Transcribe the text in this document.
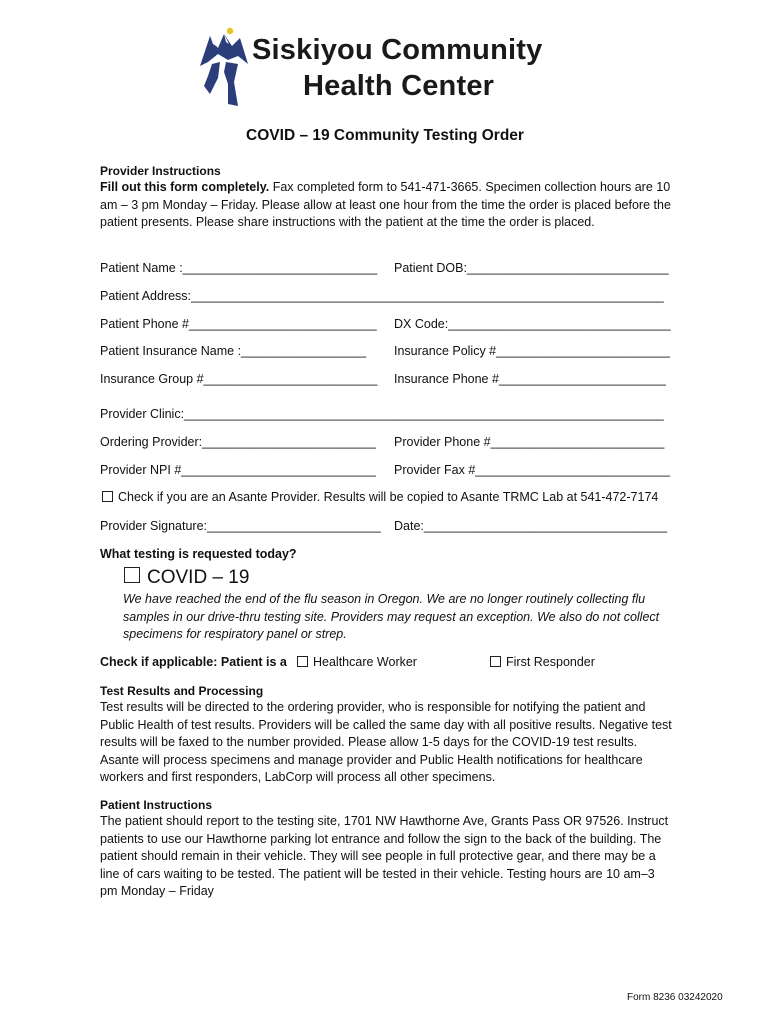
Siskiyou Community
Health Center
COVID – 19 Community Testing Order
Provider Instructions
Fill out this form completely. Fax completed form to 541-471-3665. Specimen collection hours are 10 am – 3 pm Monday – Friday. Please allow at least one hour from the time the order is placed before the patient presents. Please share instructions with the patient at the time the order is placed.
Patient Name :____________________________ Patient DOB:_____________________________
Patient Address:____________________________________________________________________
Patient Phone #___________________________ DX Code:________________________________
Patient Insurance Name :__________________ Insurance Policy #_________________________
Insurance Group #_________________________ Insurance Phone #________________________
Provider Clinic:_____________________________________________________________________
Ordering Provider:_________________________ Provider Phone #_________________________
Provider NPI #____________________________ Provider Fax #____________________________
Check if you are an Asante Provider. Results will be copied to Asante TRMC Lab at 541-472-7174
Provider Signature:_________________________ Date:___________________________________
What testing is requested today?
COVID – 19
We have reached the end of the flu season in Oregon. We are no longer routinely collecting flu samples in our drive-thru testing site. Providers may request an exception. We also do not collect specimens for respiratory panel or strep.
Check if applicable: Patient is a	Healthcare Worker	First Responder
Test Results and Processing
Test results will be directed to the ordering provider, who is responsible for notifying the patient and Public Health of test results. Providers will be called the same day with all positive results. Negative test results will be faxed to the number provided. Please allow 1-5 days for the COVID-19 test results. Asante will process specimens and manage provider and Public Health notifications for healthcare workers and first responders, LabCorp will process all other specimens.
Patient Instructions
The patient should report to the testing site, 1701 NW Hawthorne Ave, Grants Pass OR 97526. Instruct patients to use our Hawthorne parking lot entrance and follow the sign to the back of the building. The patient should remain in their vehicle. They will see people in full protective gear, and there may be a line of cars waiting to be tested. The patient will be tested in their vehicle. Testing hours are 10 am–3 pm Monday – Friday
Form 8236 03242020
